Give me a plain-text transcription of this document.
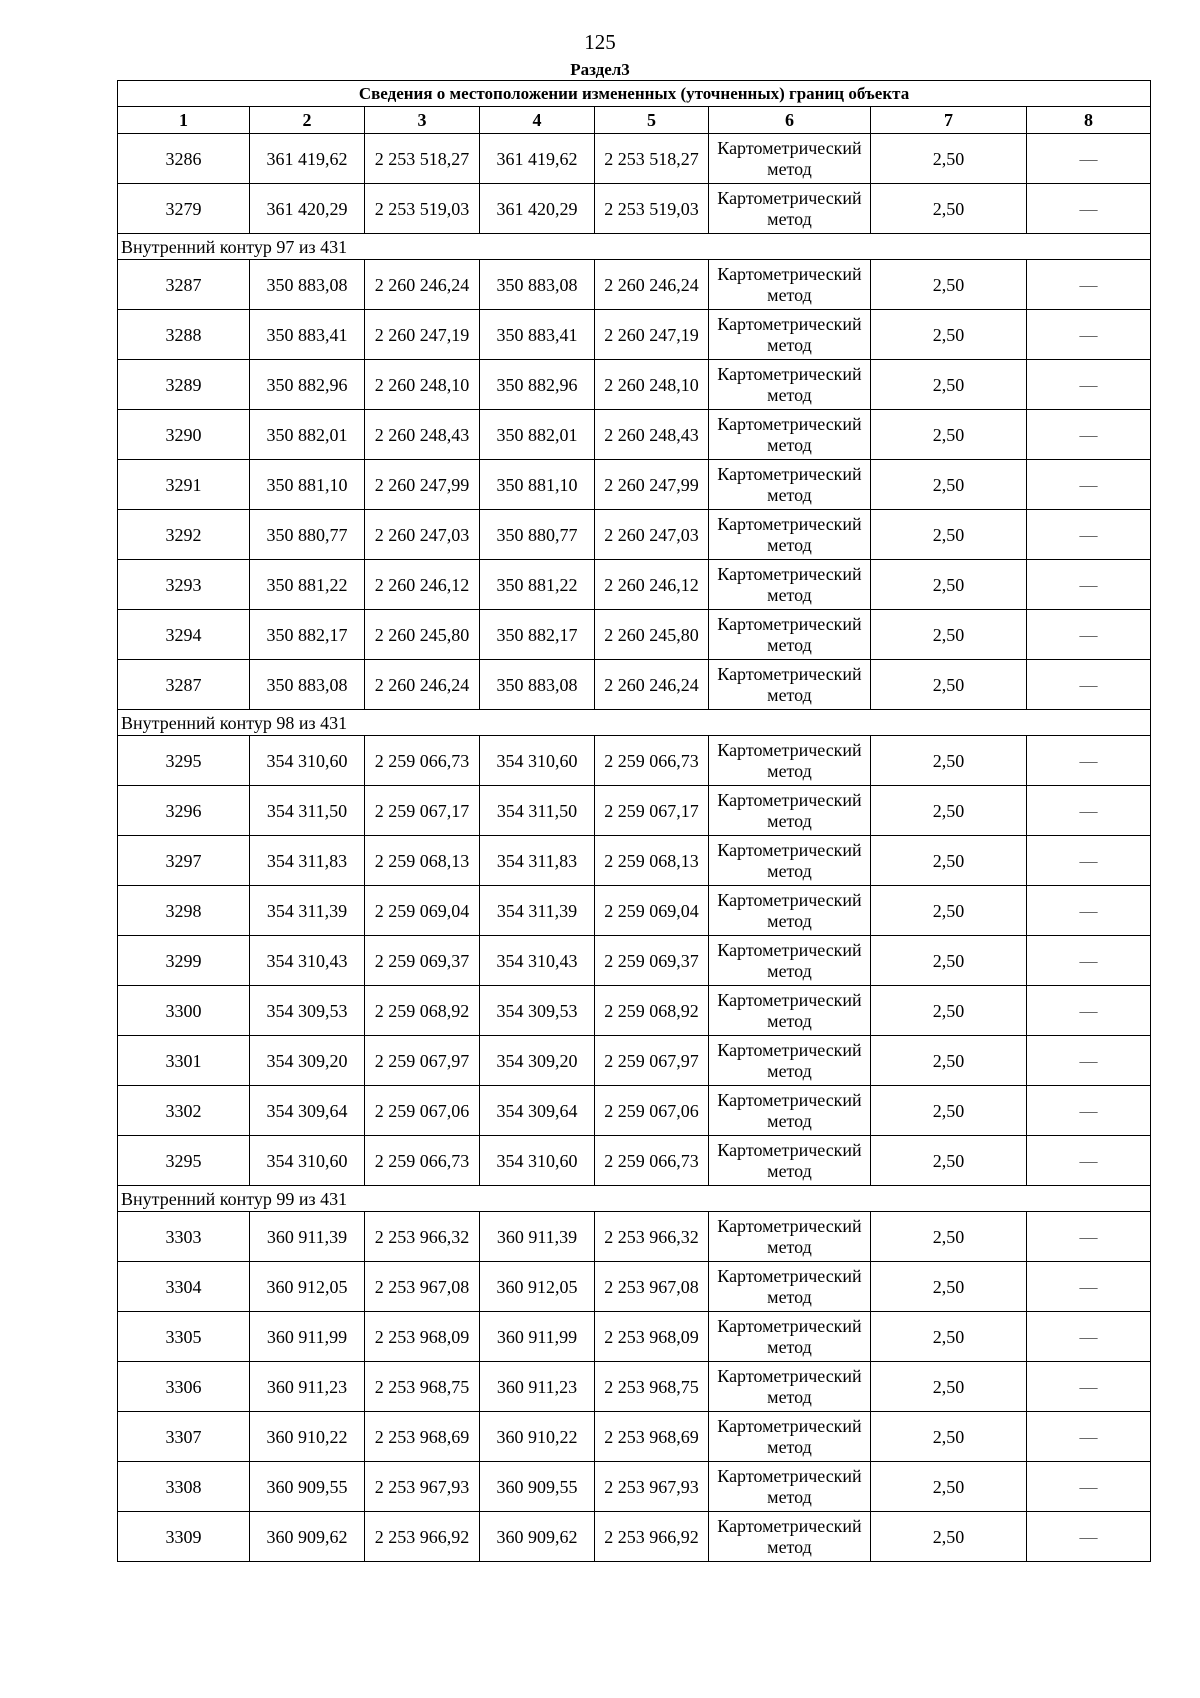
125
Раздел3
Сведения о местоположении измененных (уточненных) границ объекта							
1	2	3	4	5	6	7	8
3286	361 419,62	2 253 518,27	361 419,62	2 253 518,27	Картометрический метод	2,50	—
3279	361 420,29	2 253 519,03	361 420,29	2 253 519,03	Картометрический метод	2,50	—
Внутренний контур 97 из 431							
3287	350 883,08	2 260 246,24	350 883,08	2 260 246,24	Картометрический метод	2,50	—
3288	350 883,41	2 260 247,19	350 883,41	2 260 247,19	Картометрический метод	2,50	—
3289	350 882,96	2 260 248,10	350 882,96	2 260 248,10	Картометрический метод	2,50	—
3290	350 882,01	2 260 248,43	350 882,01	2 260 248,43	Картометрический метод	2,50	—
3291	350 881,10	2 260 247,99	350 881,10	2 260 247,99	Картометрический метод	2,50	—
3292	350 880,77	2 260 247,03	350 880,77	2 260 247,03	Картометрический метод	2,50	—
3293	350 881,22	2 260 246,12	350 881,22	2 260 246,12	Картометрический метод	2,50	—
3294	350 882,17	2 260 245,80	350 882,17	2 260 245,80	Картометрический метод	2,50	—
3287	350 883,08	2 260 246,24	350 883,08	2 260 246,24	Картометрический метод	2,50	—
Внутренний контур 98 из 431							
3295	354 310,60	2 259 066,73	354 310,60	2 259 066,73	Картометрический метод	2,50	—
3296	354 311,50	2 259 067,17	354 311,50	2 259 067,17	Картометрический метод	2,50	—
3297	354 311,83	2 259 068,13	354 311,83	2 259 068,13	Картометрический метод	2,50	—
3298	354 311,39	2 259 069,04	354 311,39	2 259 069,04	Картометрический метод	2,50	—
3299	354 310,43	2 259 069,37	354 310,43	2 259 069,37	Картометрический метод	2,50	—
3300	354 309,53	2 259 068,92	354 309,53	2 259 068,92	Картометрический метод	2,50	—
3301	354 309,20	2 259 067,97	354 309,20	2 259 067,97	Картометрический метод	2,50	—
3302	354 309,64	2 259 067,06	354 309,64	2 259 067,06	Картометрический метод	2,50	—
3295	354 310,60	2 259 066,73	354 310,60	2 259 066,73	Картометрический метод	2,50	—
Внутренний контур 99 из 431							
3303	360 911,39	2 253 966,32	360 911,39	2 253 966,32	Картометрический метод	2,50	—
3304	360 912,05	2 253 967,08	360 912,05	2 253 967,08	Картометрический метод	2,50	—
3305	360 911,99	2 253 968,09	360 911,99	2 253 968,09	Картометрический метод	2,50	—
3306	360 911,23	2 253 968,75	360 911,23	2 253 968,75	Картометрический метод	2,50	—
3307	360 910,22	2 253 968,69	360 910,22	2 253 968,69	Картометрический метод	2,50	—
3308	360 909,55	2 253 967,93	360 909,55	2 253 967,93	Картометрический метод	2,50	—
3309	360 909,62	2 253 966,92	360 909,62	2 253 966,92	Картометрический метод	2,50	—
